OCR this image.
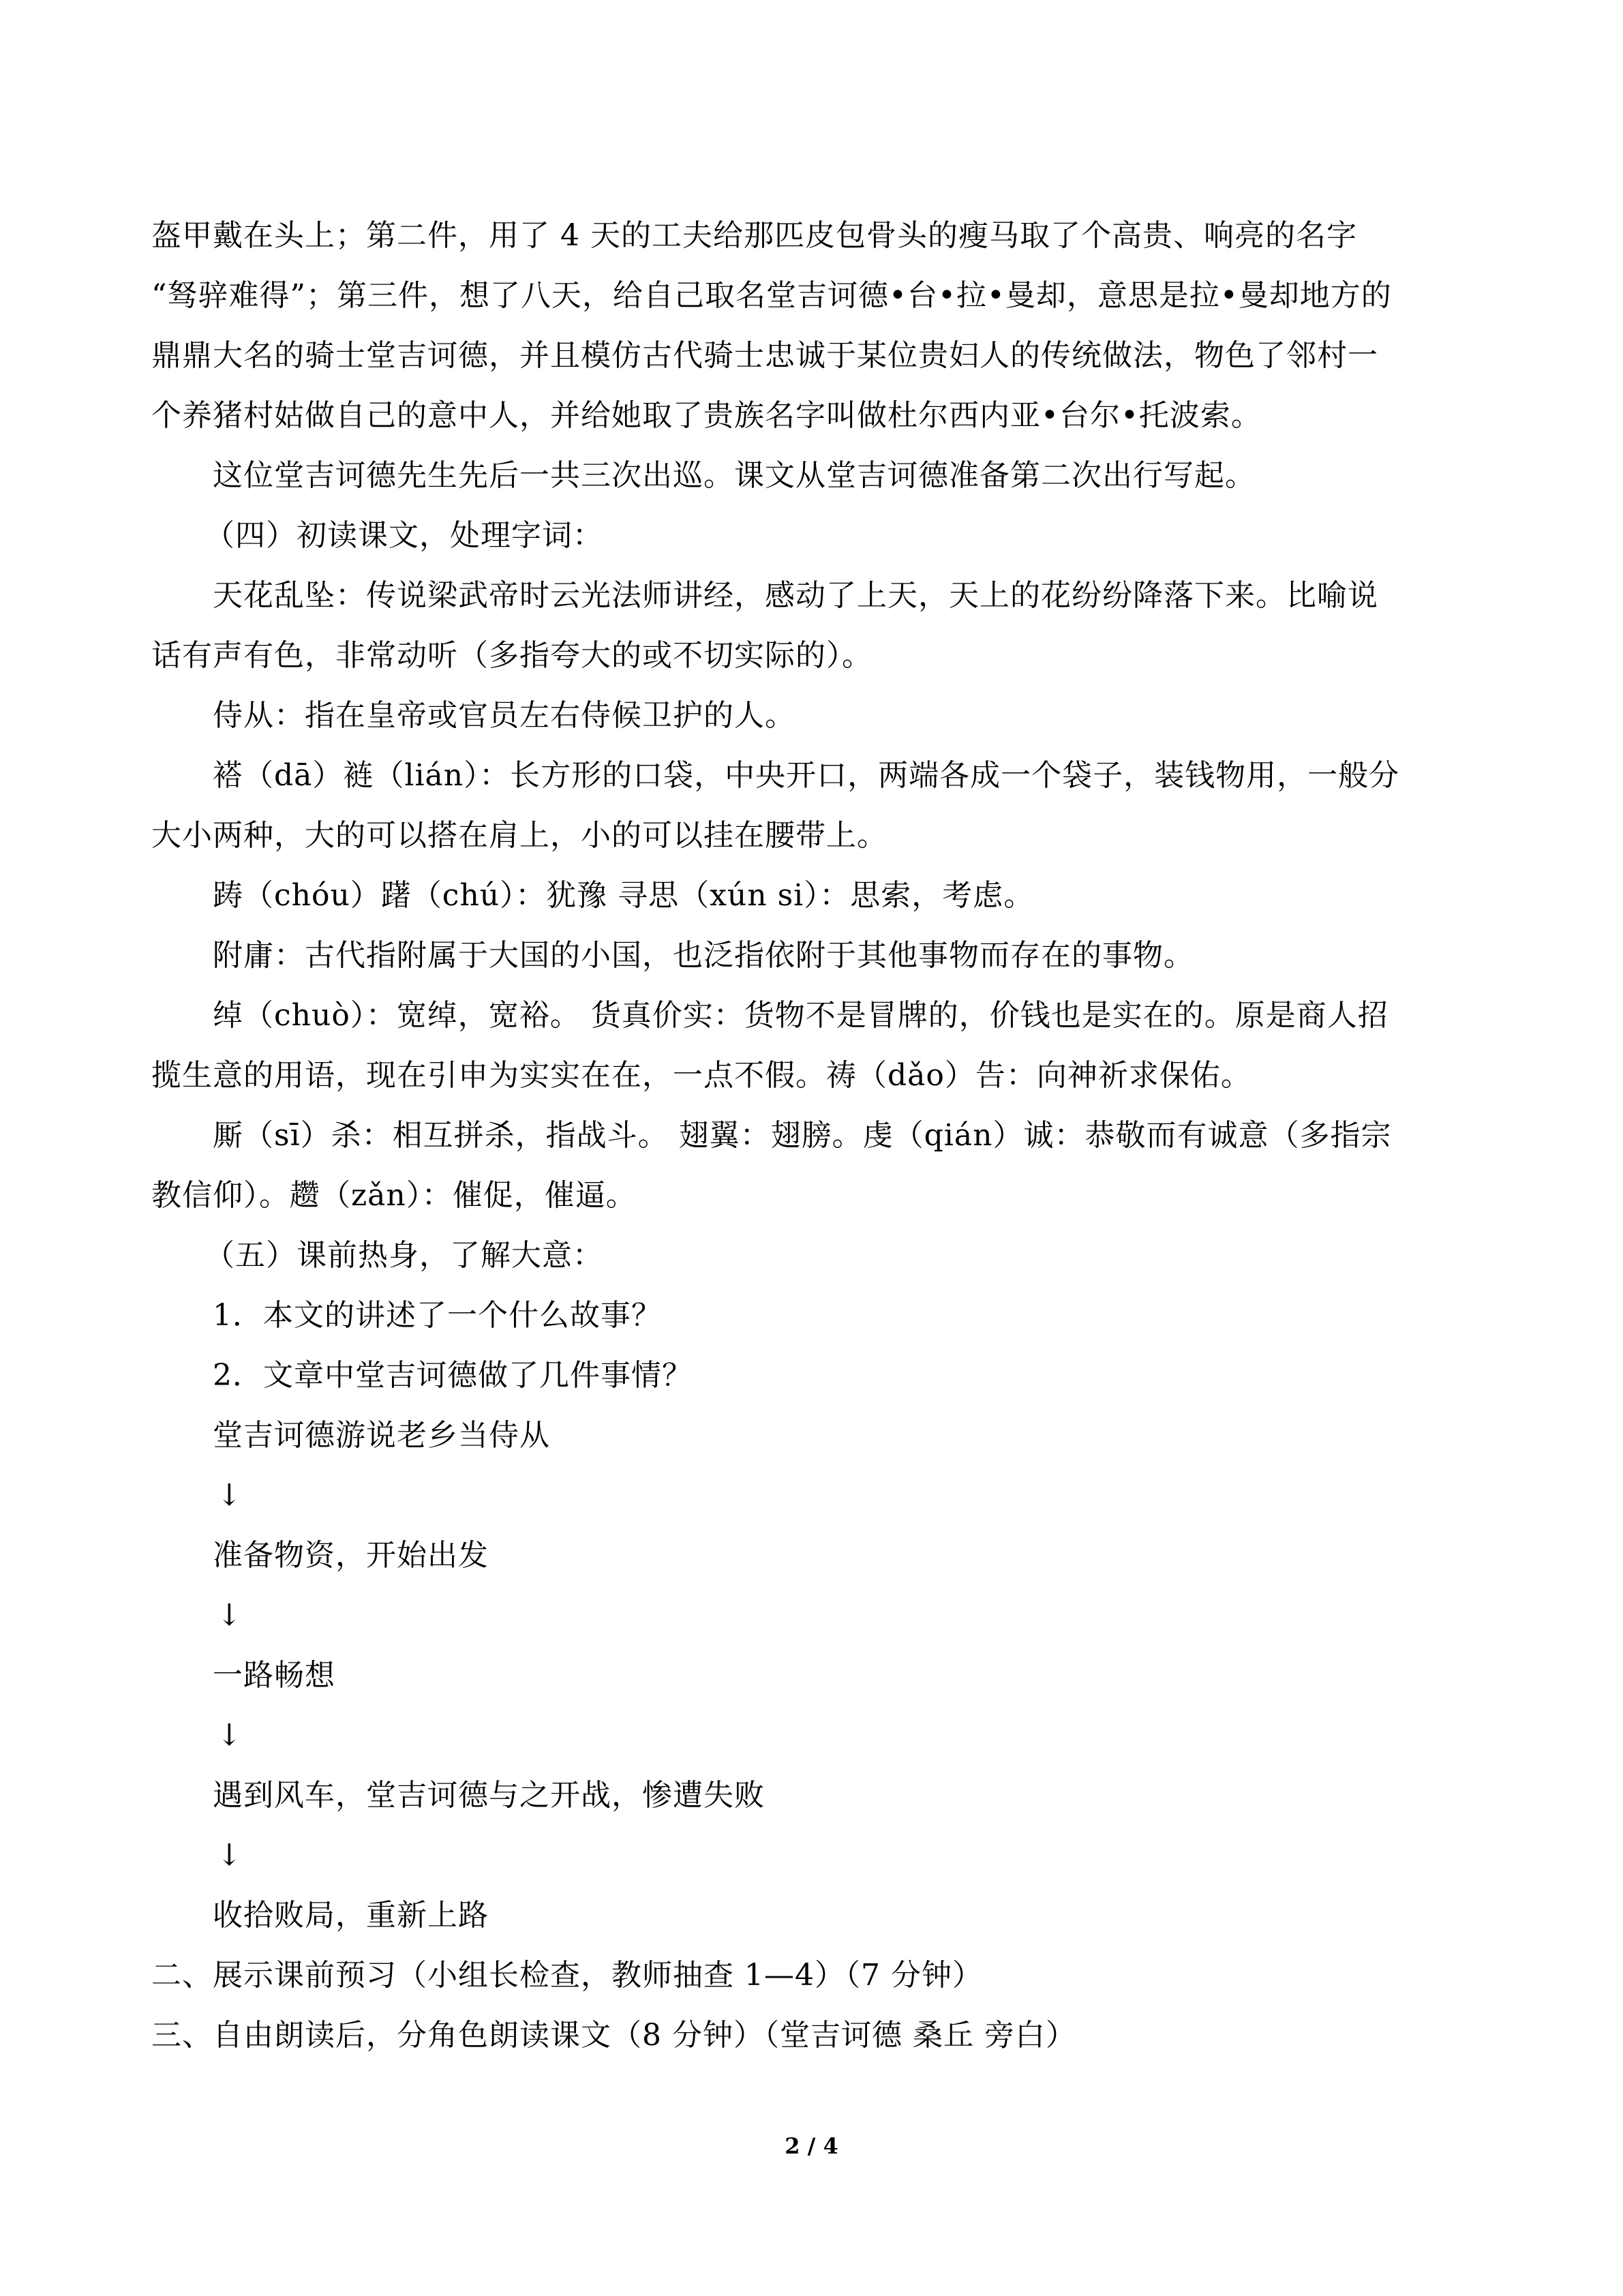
盔甲戴在头上；第二件，用了 4 天的工夫给那匹皮包骨头的瘦马取了个高贵、响亮的名字
“驽骍难得”；第三件，想了八天，给自己取名堂吉诃德•台•拉•曼却，意思是拉•曼却地方的
鼎鼎大名的骑士堂吉诃德，并且模仿古代骑士忠诚于某位贵妇人的传统做法，物色了邻村一
个养猪村姑做自己的意中人，并给她取了贵族名字叫做杜尔西内亚•台尔•托波索。
这位堂吉诃德先生先后一共三次出巡。课文从堂吉诃德准备第二次出行写起。
（四）初读课文，处理字词：
天花乱坠：传说梁武帝时云光法师讲经，感动了上天，天上的花纷纷降落下来。比喻说
话有声有色，非常动听（多指夸大的或不切实际的）。
侍从：指在皇帝或官员左右侍候卫护的人。
褡（dā）裢（lián）：长方形的口袋，中央开口，两端各成一个袋子，装钱物用，一般分
大小两种，大的可以搭在肩上，小的可以挂在腰带上。
踌（chóu）躇（chú）：犹豫 寻思（xún si）：思索，考虑。
附庸：古代指附属于大国的小国，也泛指依附于其他事物而存在的事物。
绰（chuò）：宽绰，宽裕。 货真价实：货物不是冒牌的，价钱也是实在的。原是商人招
揽生意的用语，现在引申为实实在在，一点不假。祷（dǎo）告：向神祈求保佑。
厮（sī）杀：相互拼杀，指战斗。 翅翼：翅膀。虔（qián）诚：恭敬而有诚意（多指宗
教信仰）。趱（zǎn）：催促，催逼。
（五）课前热身，了解大意：
1．本文的讲述了一个什么故事？
2．文章中堂吉诃德做了几件事情？
堂吉诃德游说老乡当侍从
↓
准备物资，开始出发
↓
一路畅想
↓
遇到风车，堂吉诃德与之开战，惨遭失败
↓
收拾败局，重新上路
二、展示课前预习（小组长检查，教师抽查 1—4）（7 分钟）
三、自由朗读后，分角色朗读课文（8 分钟）（堂吉诃德 桑丘 旁白）
2 / 4
